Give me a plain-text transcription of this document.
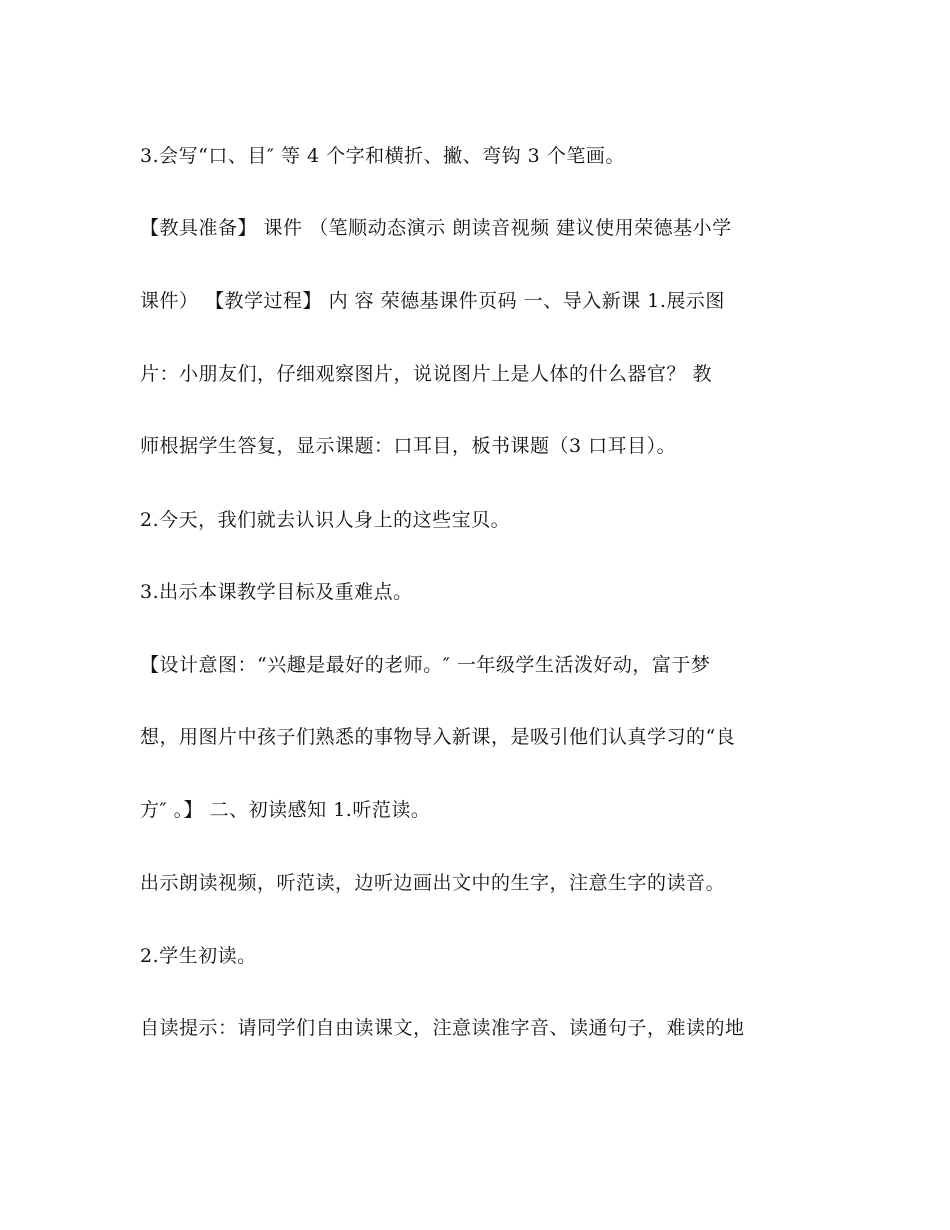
3.会写“口、目″ 等 4 个字和横折、撇、弯钩 3 个笔画。
【教具准备】 课件 （笔顺动态演示 朗读音视频 建议使用荣德基小学
课件） 【教学过程】 内 容 荣德基课件页码 一、导入新课 1.展示图
片：小朋友们，仔细观察图片，说说图片上是人体的什么器官？ 教
师根据学生答复，显示课题：口耳目，板书课题（3 口耳目）。
2.今天，我们就去认识人身上的这些宝贝。
3.出示本课教学目标及重难点。
【设计意图：“兴趣是最好的老师。″ 一年级学生活泼好动，富于梦
想，用图片中孩子们熟悉的事物导入新课，是吸引他们认真学习的“良
方″ 。】 二、初读感知 1.听范读。
出示朗读视频，听范读，边听边画出文中的生字，注意生字的读音。
2.学生初读。
自读提示：请同学们自由读课文，注意读准字音、读通句子，难读的地
